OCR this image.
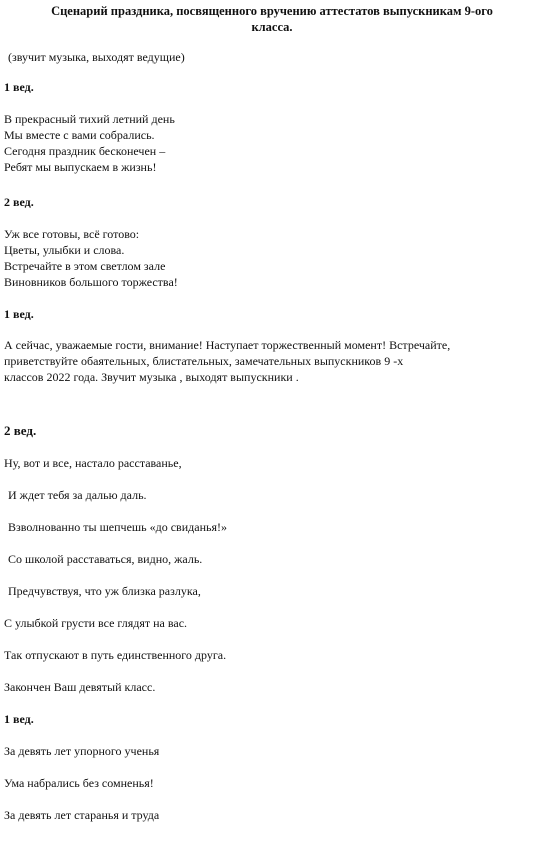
Сценарий праздника, посвященного вручению аттестатов выпускникам 9-ого
класса.
(звучит музыка, выходят ведущие)
1 вед.
В прекрасный тихий летний день
Мы вместе с вами собрались.
Сегодня праздник бесконечен –
Ребят мы выпускаем в жизнь!
2 вед.
Уж все готовы, всё готово:
Цветы, улыбки и слова.
Встречайте в этом светлом зале
Виновников большого торжества!
1 вед.
А сейчас, уважаемые гости, внимание! Наступает торжественный момент! Встречайте,
приветствуйте обаятельных, блистательных, замечательных выпускников 9 -х
классов 2022 года. Звучит музыка , выходят выпускники .
2 вед.
Ну, вот и все, настало расставанье,
И ждет тебя за далью даль.
Взволнованно ты шепчешь «до свиданья!»
Со школой расставаться, видно, жаль.
Предчувствуя, что уж близка разлука,
С улыбкой грусти все глядят на вас.
Так отпускают в путь единственного друга.
Закончен Ваш девятый класс.
1 вед.
За девять лет упорного ученья
Ума набрались без сомненья!
За девять лет старанья и труда
